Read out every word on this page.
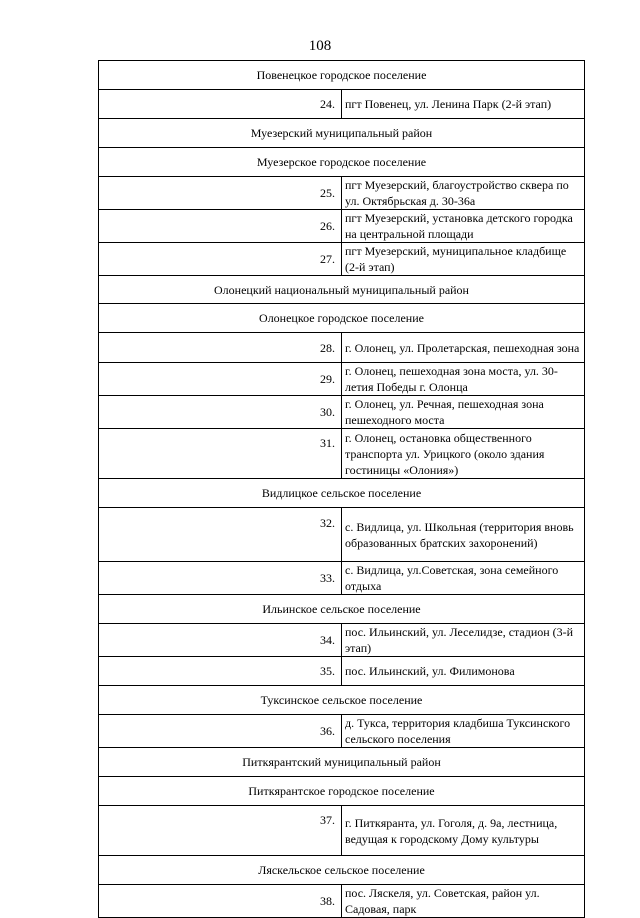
108
Повенецкое городское поселение	
24.	пгт Повенец, ул. Ленина Парк (2-й этап)
Муезерский муниципальный район	
Муезерское городское поселение	
25.	пгт Муезерский, благоустройство сквера по ул. Октябрьская д. 30-36а
26.	пгт Муезерский, установка детского городка на центральной площади
27.	пгт Муезерский, муниципальное кладбище (2-й этап)
Олонецкий национальный муниципальный район	
Олонецкое городское поселение	
28.	г. Олонец, ул. Пролетарская, пешеходная зона
29.	г. Олонец, пешеходная зона моста, ул. 30-летия Победы г. Олонца
30.	г. Олонец, ул. Речная, пешеходная зона пешеходного моста
31.	г. Олонец, остановка общественного транспорта ул. Урицкого (около здания гостиницы «Олония»)
Видлицкое сельское поселение	
32.	с. Видлица, ул. Школьная (территория вновь образованных братских захоронений)
33.	с. Видлица, ул.Советская, зона семейного отдыха
Ильинское сельское поселение	
34.	пос. Ильинский, ул. Леселидзе, стадион (3-й этап)
35.	пос. Ильинский, ул. Филимонова
Туксинское сельское поселение	
36.	д. Тукса, территория кладбиша Туксинского сельского поселения
Питкярантский муниципальный район	
Питкярантское городское поселение	
37.	г. Питкяранта, ул. Гоголя, д. 9а, лестница, ведущая к городскому Дому культуры
Ляскельское сельское поселение	
38.	пос. Ляскеля, ул. Советская, район ул. Садовая, парк
